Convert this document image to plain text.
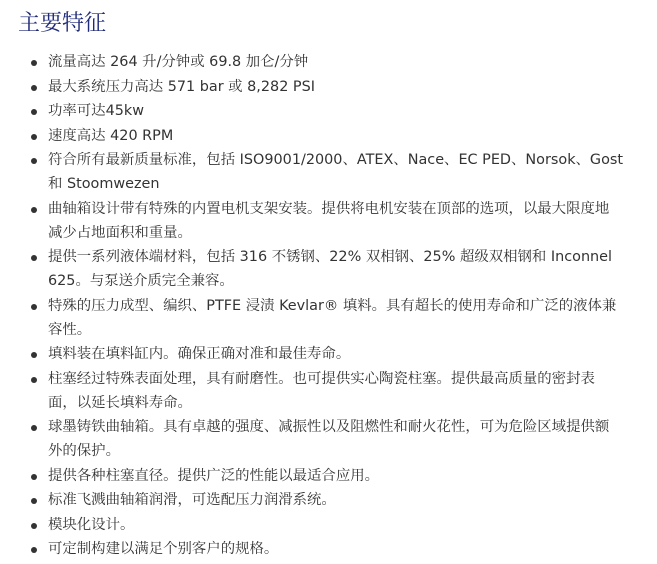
主要特征
流量高达 264 升/分钟或 69.8 加仑/分钟
最大系统压力高达 571 bar 或 8,282 PSI
功率可达45kw
速度高达 420 RPM
符合所有最新质量标准，包括 ISO9001/2000、ATEX、Nace、EC PED、Norsok、Gost 和 Stoomwezen
曲轴箱设计带有特殊的内置电机支架安装。提供将电机安装在顶部的选项，以最大限度地减少占地面积和重量。
提供一系列液体端材料，包括 316 不锈钢、22% 双相钢、25% 超级双相钢和 Inconnel 625。与泵送介质完全兼容。
特殊的压力成型、编织、PTFE 浸渍 Kevlar® 填料。具有超长的使用寿命和广泛的液体兼容性。
填料装在填料缸内。确保正确对准和最佳寿命。
柱塞经过特殊表面处理，具有耐磨性。也可提供实心陶瓷柱塞。提供最高质量的密封表面，以延长填料寿命。
球墨铸铁曲轴箱。具有卓越的强度、减振性以及阻燃性和耐火花性，可为危险区域提供额外的保护。
提供各种柱塞直径。提供广泛的性能以最适合应用。
标准飞溅曲轴箱润滑，可选配压力润滑系统。
模块化设计。
可定制构建以满足个别客户的规格。
